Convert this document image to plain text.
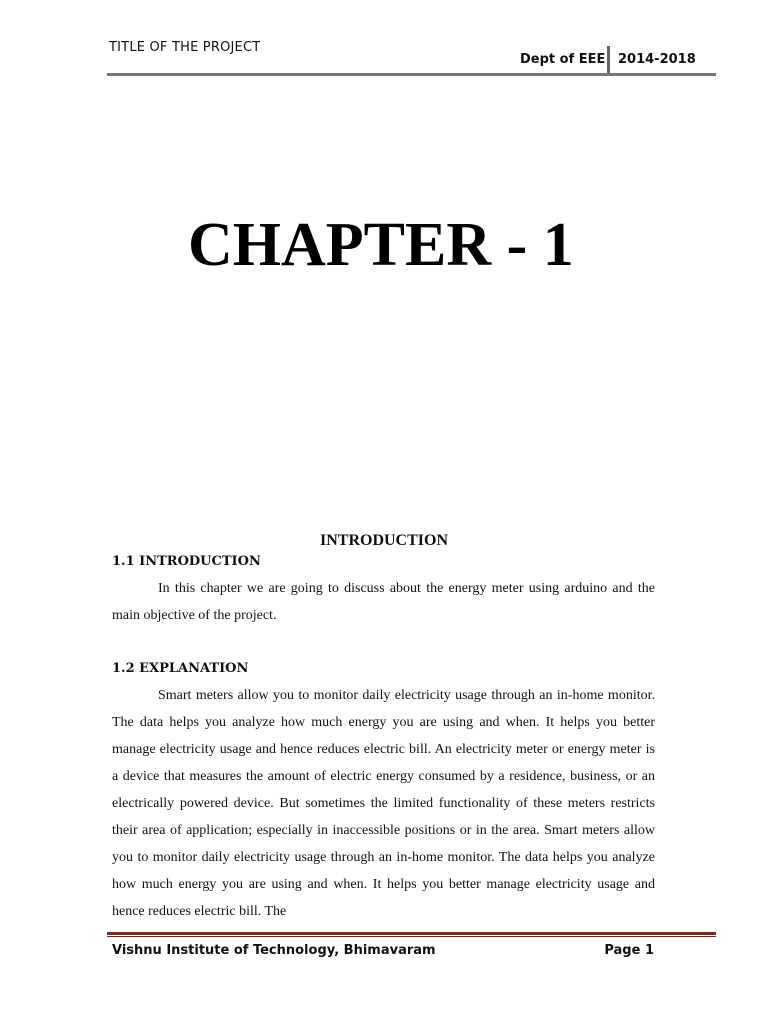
TITLE OF THE PROJECT
Dept of EEE 2014-2018
CHAPTER - 1
INTRODUCTION
1.1 INTRODUCTION
In this chapter we are going to discuss about the energy meter using arduino and the main objective of the project.
1.2 EXPLANATION
Smart meters allow you to monitor daily electricity usage through an in-home monitor. The data helps you analyze how much energy you are using and when. It helps you better manage electricity usage and hence reduces electric bill. An electricity meter or energy meter is a device that measures the amount of electric energy consumed by a residence, business, or an electrically powered device. But sometimes the limited functionality of these meters restricts their area of application; especially in inaccessible positions or in the area. Smart meters allow you to monitor daily electricity usage through an in-home monitor. The data helps you analyze how much energy you are using and when. It helps you better manage electricity usage and hence reduces electric bill. The
Vishnu Institute of Technology, Bhimavaram	Page 1
